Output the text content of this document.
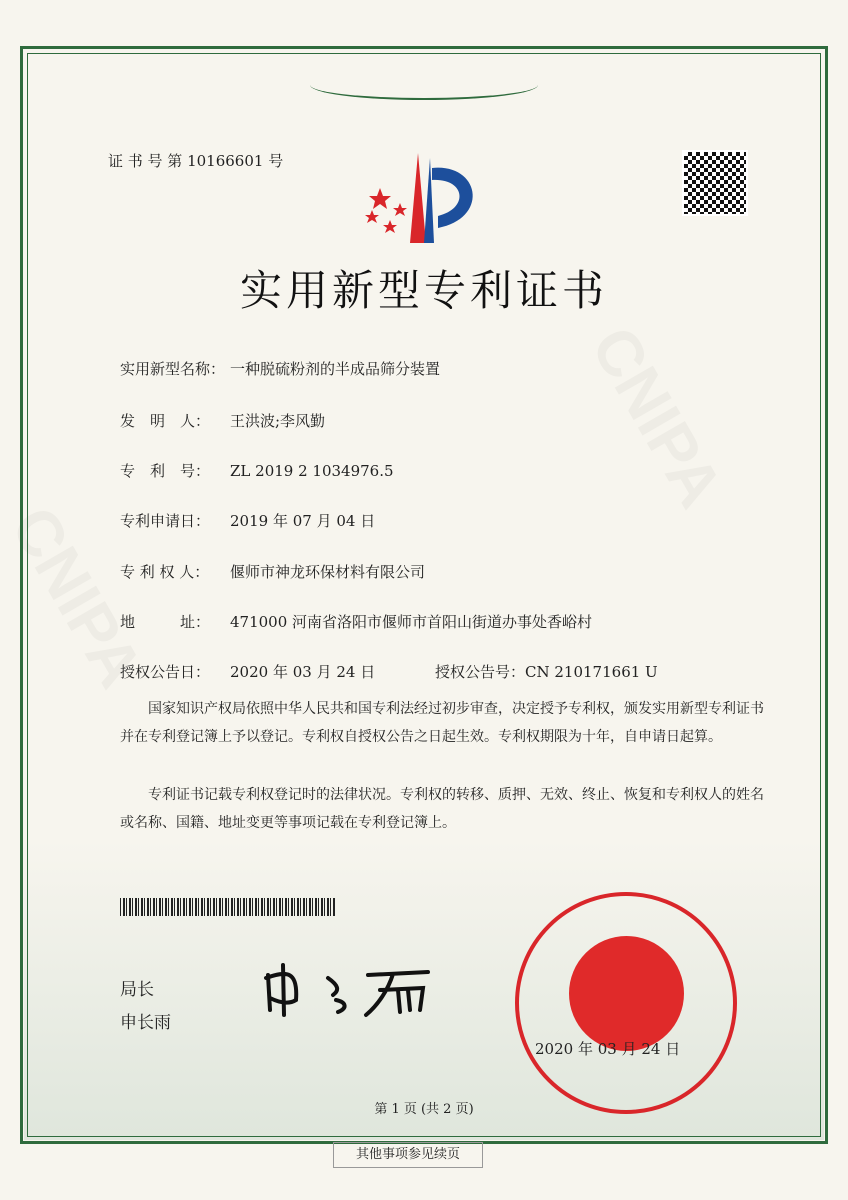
证 书 号 第 10166601 号
实用新型专利证书
实用新型名称： 一种脱硫粉剂的半成品筛分装置
发　明　人： 王洪波;李风勤
专　利　号： ZL 2019 2 1034976.5
专利申请日： 2019 年 07 月 04 日
专 利 权 人： 偃师市神龙环保材料有限公司
地　　　址： 471000 河南省洛阳市偃师市首阳山街道办事处香峪村
授权公告日： 2020 年 03 月 24 日	授权公告号：CN 210171661 U
国家知识产权局依照中华人民共和国专利法经过初步审查，决定授予专利权，颁发实用新型专利证书并在专利登记簿上予以登记。专利权自授权公告之日起生效。专利权期限为十年，自申请日起算。
专利证书记载专利权登记时的法律状况。专利权的转移、质押、无效、终止、恢复和专利权人的姓名或名称、国籍、地址变更等事项记载在专利登记簿上。
局长
申长雨
2020 年 03 月 24 日
第 1 页 (共 2 页)
其他事项参见续页
